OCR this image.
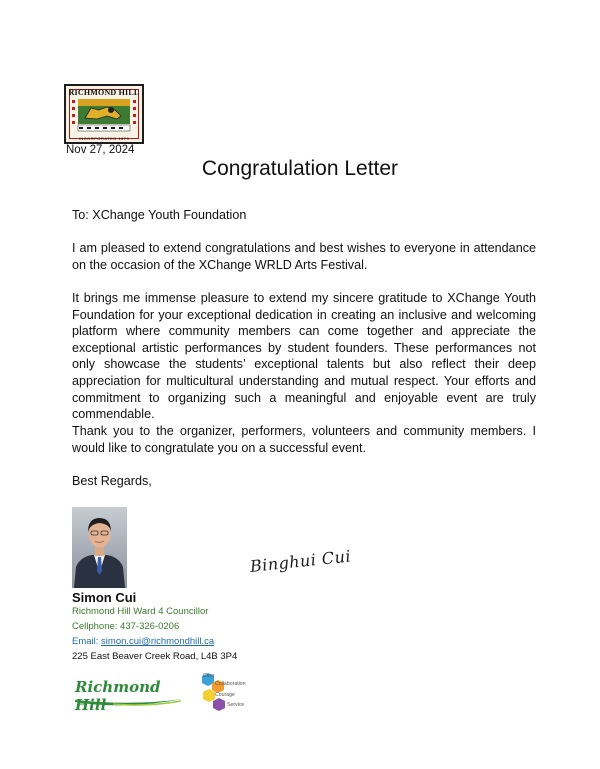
RICHMOND HILL
INCORPORATED 1873
Nov 27, 2024
Congratulation Letter
To: XChange Youth Foundation
I am pleased to extend congratulations and best wishes to everyone in attendance on the occasion of the XChange WRLD Arts Festival.
It brings me immense pleasure to extend my sincere gratitude to XChange Youth Foundation for your exceptional dedication in creating an inclusive and welcoming platform where community members can come together and appreciate the exceptional artistic performances by student founders. These performances not only showcase the students’ exceptional talents but also reflect their deep appreciation for multicultural understanding and mutual respect. Your efforts and commitment to organizing such a meaningful and enjoyable event are truly commendable.
Thank you to the organizer, performers, volunteers and community members. I would like to congratulate you on a successful event.
Best Regards,
Binghui Cui
Simon Cui
Richmond Hill Ward 4 Councillor
Cellphone: 437-326-0206
Email: simon.cui@richmondhill.ca
225 East Beaver Creek Road, L4B 3P4
Richmond Hill
Care
Collaboration
Courage
Service
